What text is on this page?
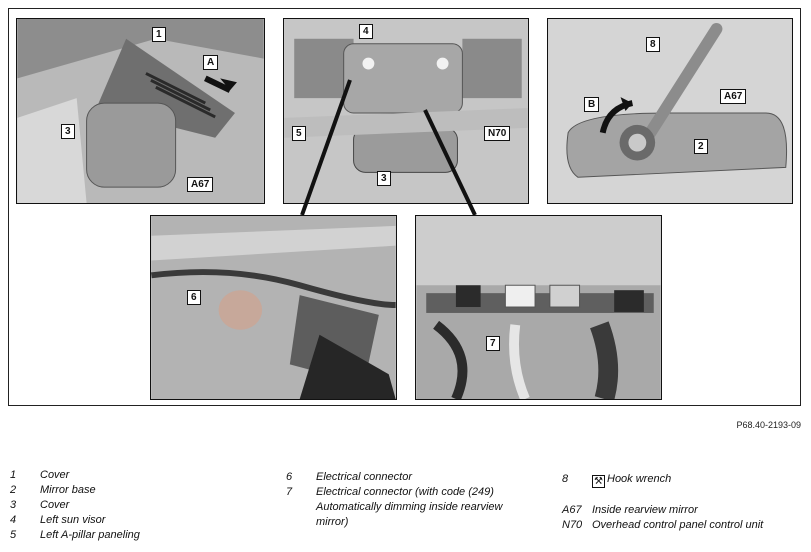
1
A
3
A67
4
5	N70
3
8
B
A67
2
6
7
P68.40-2193-09
1	Cover
2	Mirror base
3	Cover
4	Left sun visor
5	Left A-pillar paneling
6	Electrical connector
7	Electrical connector (with code (249)
Automatically dimming inside rearview
mirror)
8	⚒ Hook wrench
A67 Inside rearview mirror
N70 Overhead control panel control unit
